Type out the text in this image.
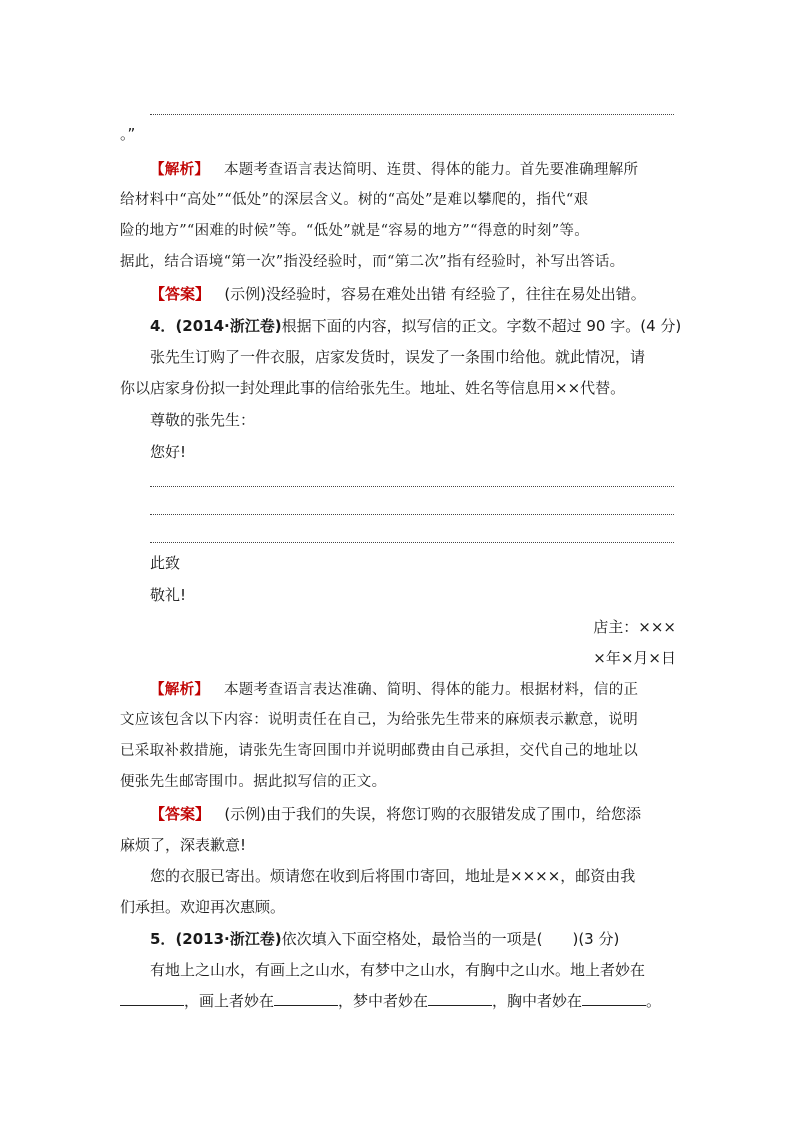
。”
【解析】 本题考查语言表达简明、连贯、得体的能力。首先要准确理解所
给材料中“高处”“低处”的深层含义。树的“高处”是难以攀爬的，指代“艰
险的地方”“困难的时候”等。“低处”就是“容易的地方”“得意的时刻”等。
据此，结合语境“第一次”指没经验时，而“第二次”指有经验时，补写出答话。
【答案】 (示例)没经验时，容易在难处出错 有经验了，往往在易处出错。
4．(2014·浙江卷)根据下面的内容，拟写信的正文。字数不超过 90 字。(4 分)
张先生订购了一件衣服，店家发货时，误发了一条围巾给他。就此情况，请
你以店家身份拟一封处理此事的信给张先生。地址、姓名等信息用××代替。
尊敬的张先生：
您好!
此致
敬礼!
店主：×××
×年×月×日
【解析】 本题考查语言表达准确、简明、得体的能力。根据材料，信的正
文应该包含以下内容：说明责任在自己，为给张先生带来的麻烦表示歉意，说明
已采取补救措施，请张先生寄回围巾并说明邮费由自己承担，交代自己的地址以
便张先生邮寄围巾。据此拟写信的正文。
【答案】 (示例)由于我们的失误，将您订购的衣服错发成了围巾，给您添
麻烦了，深表歉意!
您的衣服已寄出。烦请您在收到后将围巾寄回，地址是××××，邮资由我
们承担。欢迎再次惠顾。
5．(2013·浙江卷)依次填入下面空格处，最恰当的一项是(　　)(3 分)
有地上之山水，有画上之山水，有梦中之山水，有胸中之山水。地上者妙在
，画上者妙在	，梦中者妙在	，胸中者妙在	。
